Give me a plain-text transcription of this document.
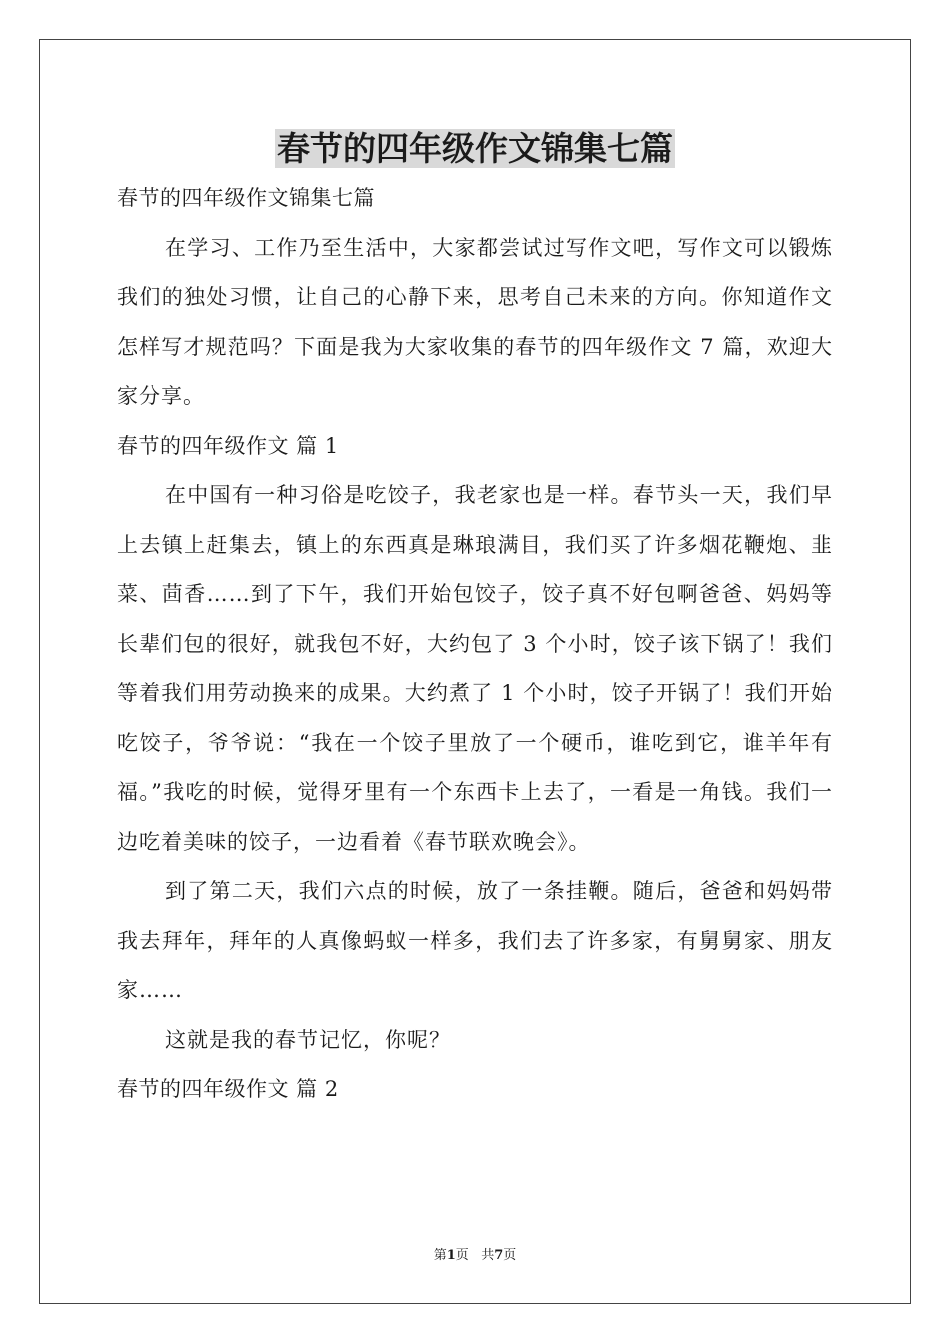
春节的四年级作文锦集七篇

春节的四年级作文锦集七篇

在学习、工作乃至生活中，大家都尝试过写作文吧，写作文可以锻炼我们的独处习惯，让自己的心静下来，思考自己未来的方向。你知道作文怎样写才规范吗？下面是我为大家收集的春节的四年级作文 7 篇，欢迎大家分享。

春节的四年级作文 篇 1

在中国有一种习俗是吃饺子，我老家也是一样。春节头一天，我们早上去镇上赶集去，镇上的东西真是琳琅满目，我们买了许多烟花鞭炮、韭菜、茴香……到了下午，我们开始包饺子，饺子真不好包啊爸爸、妈妈等长辈们包的很好，就我包不好，大约包了 3 个小时，饺子该下锅了！我们等着我们用劳动换来的成果。大约煮了 1 个小时，饺子开锅了！我们开始吃饺子，爷爷说：“我在一个饺子里放了一个硬币，谁吃到它，谁羊年有福。”我吃的时候，觉得牙里有一个东西卡上去了，一看是一角钱。我们一边吃着美味的饺子，一边看着《春节联欢晚会》。

到了第二天，我们六点的时候，放了一条挂鞭。随后，爸爸和妈妈带我去拜年，拜年的人真像蚂蚁一样多，我们去了许多家，有舅舅家、朋友家……

这就是我的春节记忆，你呢？

春节的四年级作文 篇 2

第1页 共7页
